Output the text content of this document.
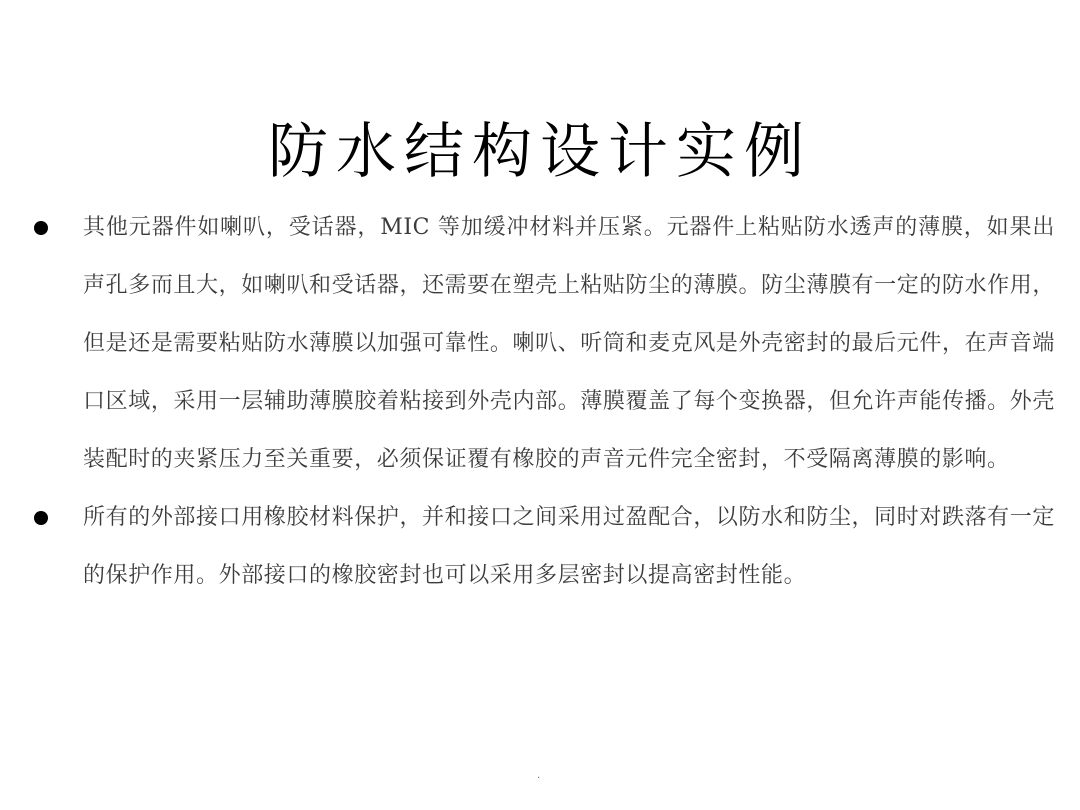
防水结构设计实例
其他元器件如喇叭，受话器，MIC 等加缓冲材料并压紧。元器件上粘贴防水透声的薄膜，如果出声孔多而且大，如喇叭和受话器，还需要在塑壳上粘贴防尘的薄膜。防尘薄膜有一定的防水作用，但是还是需要粘贴防水薄膜以加强可靠性。喇叭、听筒和麦克风是外壳密封的最后元件，在声音端口区域，采用一层辅助薄膜胶着粘接到外壳内部。薄膜覆盖了每个变换器，但允许声能传播。外壳装配时的夹紧压力至关重要，必须保证覆有橡胶的声音元件完全密封，不受隔离薄膜的影响。
所有的外部接口用橡胶材料保护，并和接口之间采用过盈配合，以防水和防尘，同时对跌落有一定的保护作用。外部接口的橡胶密封也可以采用多层密封以提高密封性能。
.
